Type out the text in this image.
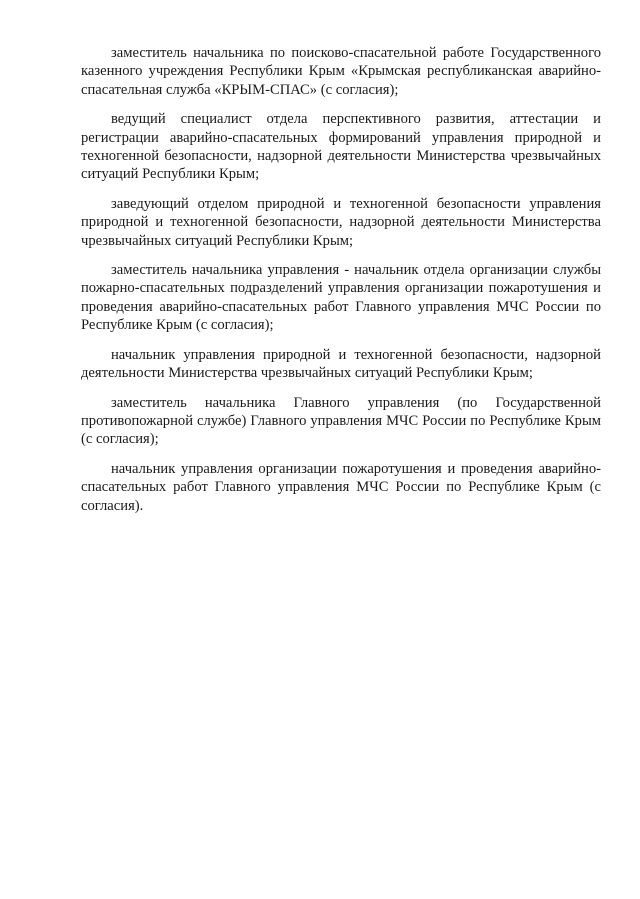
заместитель начальника по поисково-спасательной работе Государственного казенного учреждения Республики Крым «Крымская республиканская аварийно-спасательная служба «КРЫМ-СПАС» (с согласия);

ведущий специалист отдела перспективного развития, аттестации и регистрации аварийно-спасательных формирований управления природной и техногенной безопасности, надзорной деятельности Министерства чрезвычайных ситуаций Республики Крым;

заведующий отделом природной и техногенной безопасности управления природной и техногенной безопасности, надзорной деятельности Министерства чрезвычайных ситуаций Республики Крым;

заместитель начальника управления - начальник отдела организации службы пожарно-спасательных подразделений управления организации пожаротушения и проведения аварийно-спасательных работ Главного управления МЧС России по Республике Крым (с согласия);

начальник управления природной и техногенной безопасности, надзорной деятельности Министерства чрезвычайных ситуаций Республики Крым;

заместитель начальника Главного управления (по Государственной противопожарной службе) Главного управления МЧС России по Республике Крым (с согласия);

начальник управления организации пожаротушения и проведения аварийно-спасательных работ Главного управления МЧС России по Республике Крым (с согласия).
